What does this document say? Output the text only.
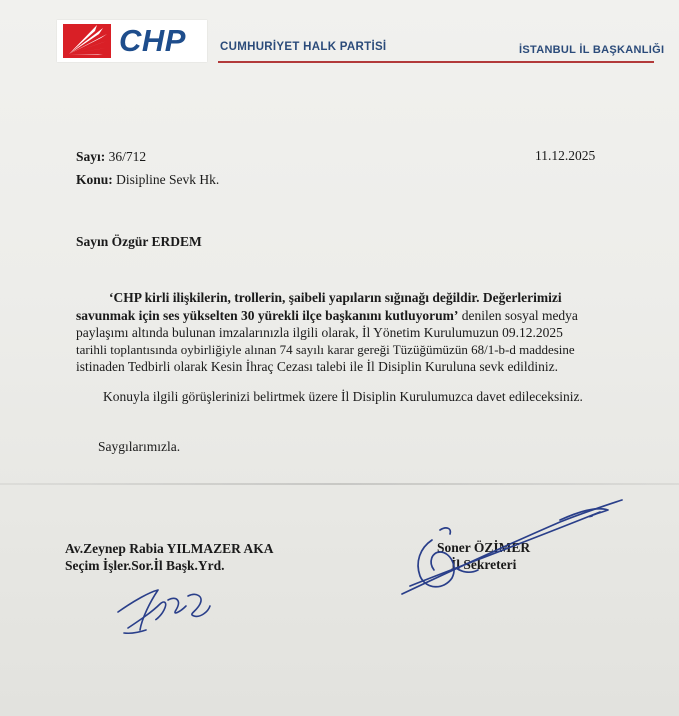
CHP	CUMHURİYET HALK PARTİSİ	İSTANBUL İL BAŞKANLIĞI
Sayı: 36/712	11.12.2025
Konu: Disipline Sevk Hk.
Sayın Özgür ERDEM
‘CHP kirli ilişkilerin, trollerin, şaibeli yapıların sığınağı değildir. Değerlerimizi
savunmak için ses yükselten 30 yürekli ilçe başkanını kutluyorum’ denilen sosyal medya
paylaşımı altında bulunan imzalarınızla ilgili olarak, İl Yönetim Kurulumuzun 09.12.2025
tarihli toplantısında oybirliğiyle alınan 74 sayılı karar gereği Tüzüğümüzün 68/1-b-d maddesine
istinaden Tedbirli olarak Kesin İhraç Cezası talebi ile İl Disiplin Kuruluna sevk edildiniz.
Konuyla ilgili görüşlerinizi belirtmek üzere İl Disiplin Kurulumuzca davet edileceksiniz.
Saygılarımızla.
Av.Zeynep Rabia YILMAZER AKA
Seçim İşler.Sor.İl Başk.Yrd.
Soner ÖZİMER
İl Sekreteri
